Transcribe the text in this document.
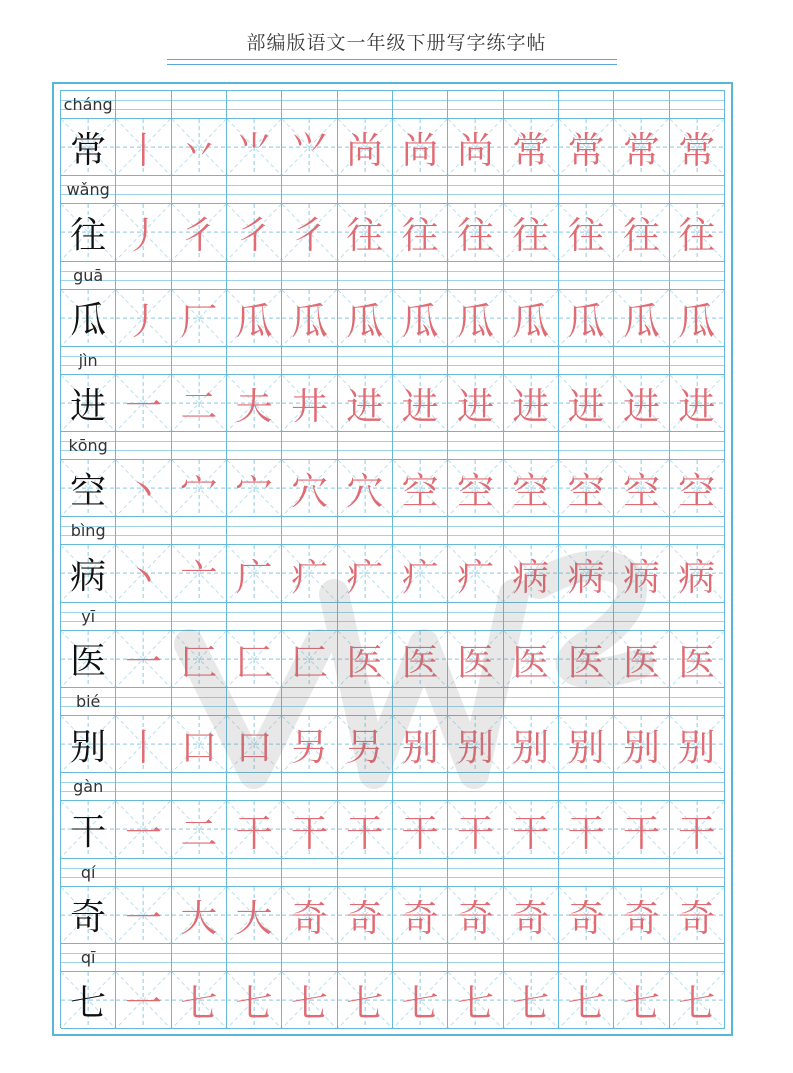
部编版语文一年级下册写字练字帖
cháng
常 丨 丷 ⺌ ⺍ 尚 尚 尚 常 常 常 常
wǎng
往 丿 彳 彳 彳 往 往 往 往 往 往 往
guā
瓜 丿 厂 瓜 瓜 瓜 瓜 瓜 瓜 瓜 瓜 瓜
jìn
进 一 二 夫 井 进 进 进 进 进 进 进
kōng
空 丶 宀 宀 穴 穴 空 空 空 空 空 空
bìng
病 丶 亠 广 疒 疒 疒 疒 病 病 病 病
yī
医 一 匚 匚 匚 医 医 医 医 医 医 医
bié
别 丨 口 口 另 另 别 别 别 别 别 别
gàn
干 一 二 干 干 干 干 干 干 干 干 干
qí
奇 一 大 大 奇 奇 奇 奇 奇 奇 奇 奇
qī
七 一 七 七 七 七 七 七 七 七 七 七
